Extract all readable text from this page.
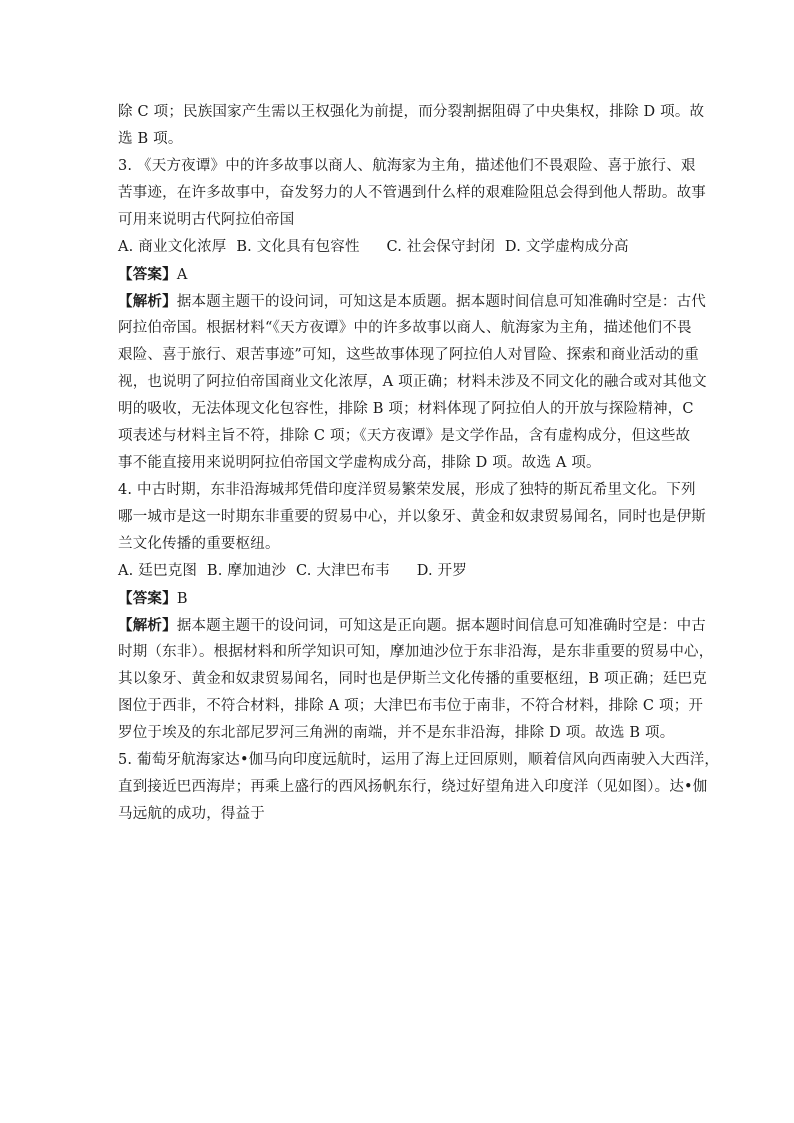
除 C 项；民族国家产生需以王权强化为前提，而分裂割据阻碍了中央集权，排除 D 项。故
选 B 项。
3. 《天方夜谭》中的许多故事以商人、航海家为主角，描述他们不畏艰险、喜于旅行、艰
苦事迹，在许多故事中，奋发努力的人不管遇到什么样的艰难险阻总会得到他人帮助。故事
可用来说明古代阿拉伯帝国
A. 商业文化浓厚 B. 文化具有包容性 C. 社会保守封闭 D. 文学虚构成分高
【答案】A
【解析】据本题主题干的设问词，可知这是本质题。据本题时间信息可知准确时空是：古代
阿拉伯帝国。根据材料“《天方夜谭》中的许多故事以商人、航海家为主角，描述他们不畏
艰险、喜于旅行、艰苦事迹”可知，这些故事体现了阿拉伯人对冒险、探索和商业活动的重
视，也说明了阿拉伯帝国商业文化浓厚，A 项正确；材料未涉及不同文化的融合或对其他文
明的吸收，无法体现文化包容性，排除 B 项；材料体现了阿拉伯人的开放与探险精神，C
项表述与材料主旨不符，排除 C 项；《天方夜谭》是文学作品，含有虚构成分，但这些故
事不能直接用来说明阿拉伯帝国文学虚构成分高，排除 D 项。故选 A 项。
4. 中古时期，东非沿海城邦凭借印度洋贸易繁荣发展，形成了独特的斯瓦希里文化。下列
哪一城市是这一时期东非重要的贸易中心，并以象牙、黄金和奴隶贸易闻名，同时也是伊斯
兰文化传播的重要枢纽。
A. 廷巴克图 B. 摩加迪沙 C. 大津巴布韦 D. 开罗
【答案】B
【解析】据本题主题干的设问词，可知这是正向题。据本题时间信息可知准确时空是：中古
时期（东非）。根据材料和所学知识可知，摩加迪沙位于东非沿海，是东非重要的贸易中心，
其以象牙、黄金和奴隶贸易闻名，同时也是伊斯兰文化传播的重要枢纽，B 项正确；廷巴克
图位于西非，不符合材料，排除 A 项；大津巴布韦位于南非，不符合材料，排除 C 项；开
罗位于埃及的东北部尼罗河三角洲的南端，并不是东非沿海，排除 D 项。故选 B 项。
5. 葡萄牙航海家达•伽马向印度远航时，运用了海上迂回原则，顺着信风向西南驶入大西洋，
直到接近巴西海岸；再乘上盛行的西风扬帆东行，绕过好望角进入印度洋（见如图）。达•伽
马远航的成功，得益于
